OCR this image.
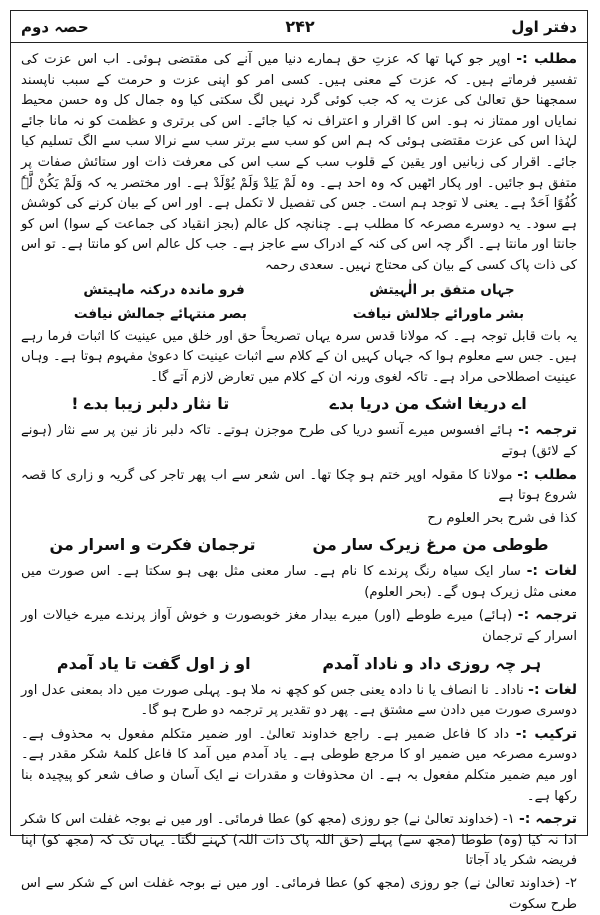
دفتر اول
۲۴۲
حصہ دوم

مطلب :- اوپر جو کہا تھا کہ عزتِ حق ہمارے دنیا میں آنے کی مقتضی ہوئی۔ اب اس عزت کی تفسیر فرماتے ہیں۔ کہ عزت کے معنی ہیں۔ کسی امر کو اپنی عزت و حرمت کے سبب ناپسند سمجھنا حق تعالیٰ کی عزت یہ کہ جب کوئی گرد نہیں لگ سکتی کیا وہ جمال کل وہ حسن محیط نمایاں اور ممتاز نہ ہو۔ اس کا اقرار و اعتراف نہ کیا جائے۔ اس کی برتری و عظمت کو نہ مانا جائے لہٰذا اس کی عزت مقتضی ہوئی کہ ہم اس کو سب سے برتر سب سے نرالا سب سے الگ تسلیم کیا جائے۔ اقرار کی زبانیں اور یقین کے قلوب سب کے سب اس کی معرفت ذات اور ستائش صفات پر متفق ہو جائیں۔ اور پکار اٹھیں کہ وہ احد ہے۔ وہ لَمْ یَلِدْ وَلَمْ یُوْلَدْ ہے۔ اور مختصر یہ کہ وَلَمْ یَکُنْ لَّہٗ کُفُوًا اَحَدٌ ہے۔ یعنی لا توجد ہم است۔ جس کی تفصیل لا تکمل ہے۔ اور اس کے بیان کرنے کی کوشش ہے سود۔ یہ دوسرے مصرعہ کا مطلب ہے۔ چنانچہ کل عالم (بجز انقیاد کی جماعت کے سوا) اس کو جانتا اور مانتا ہے۔ اگر چہ اس کی کنہ کے ادراک سے عاجز ہے۔ جب کل عالم اس کو مانتا ہے۔ تو اس کی ذات پاک کسی کے بیان کی محتاج نہیں۔ سعدی رحمہ

جہاں متفق بر الٰہیتش
فرو ماندہ درکنہ ماہیتش
بشر ماورائے جلالش نیافت
بصر منتہائے جمالش نیافت

یہ بات قابل توجہ ہے۔ کہ مولانا قدس سرہ یہاں تصریحاً حق اور خلق میں عینیت کا اثبات فرما رہے ہیں۔ جس سے معلوم ہوا کہ جہاں کہیں ان کے کلام سے اثبات عینیت کا دعویٰ مفہوم ہوتا ہے۔ وہاں عینیت اصطلاحی مراد ہے۔ تاکہ لغوی ورنہ ان کے کلام میں تعارض لازم آتے گا۔

اے دریغا اشک من دریا بدے
تا نثار دلبر زیبا بدے !

ترجمہ :- ہائے افسوس میرے آنسو دریا کی طرح موجزن ہوتے۔ تاکہ دلبر ناز نین پر سے نثار (ہونے کے لائق) ہوتے

مطلب :- مولانا کا مقولہ اوپر ختم ہو چکا تھا۔ اس شعر سے اب پھر تاجر کی گریہ و زاری کا قصہ شروع ہوتا ہے

کذا فی شرح بحر العلوم رح

طوطی من مرغ زیرک سار من
ترجمان فکرت و اسرار من

لغات :- سار ایک سیاہ رنگ پرندے کا نام ہے۔ سار معنی مثل بھی ہو سکتا ہے۔ اس صورت میں معنی مثل زیرک ہوں گے۔ (بحر العلوم)

ترجمہ :- (ہائے) میرے طوطے (اور) میرے بیدار مغز خوبصورت و خوش آواز پرندے میرے خیالات اور اسرار کے ترجمان

ہر چہ روزی داد و ناداد آمدم
او ز اول گفت تا یاد آمدم

لغات :- ناداد۔ نا انصاف یا نا دادہ یعنی جس کو کچھ نہ ملا ہو۔ پہلی صورت میں داد بمعنی عدل اور دوسری صورت میں دادن سے مشتق ہے۔ پھر دو تقدیر پر ترجمہ دو طرح ہو گا۔

ترکیب :- داد کا فاعل ضمیر ہے۔ راجع خداوند تعالیٰ۔ اور ضمیر متکلم مفعول بہ محذوف ہے۔ دوسرے مصرعہ میں ضمیر او کا مرجع طوطی ہے۔ یاد آمدم میں آمد کا فاعل کلمۂ شکر مقدر ہے۔ اور میم ضمیر متکلم مفعول بہ ہے۔ ان محذوفات و مقدرات نے ایک آسان و صاف شعر کو پیچیدہ بنا رکھا ہے۔

ترجمہ :- ۱- (خداوند تعالیٰ نے) جو روزی (مجھ کو) عطا فرمائی۔ اور میں نے بوجہ غفلت اس کا شکر ادا نہ کیا (وہ) طوطا (مجھ سے) پہلے (حق اللہ پاک ذات اللہ) کہنے لگتا۔ یہاں تک کہ (مجھ کو) اپنا فریضہ شکر یاد آجاتا

۲- (خداوند تعالیٰ نے) جو روزی (مجھ کو) عطا فرمائی۔ اور میں نے بوجہ غفلت اس کے شکر سے اس طرح سکوت
